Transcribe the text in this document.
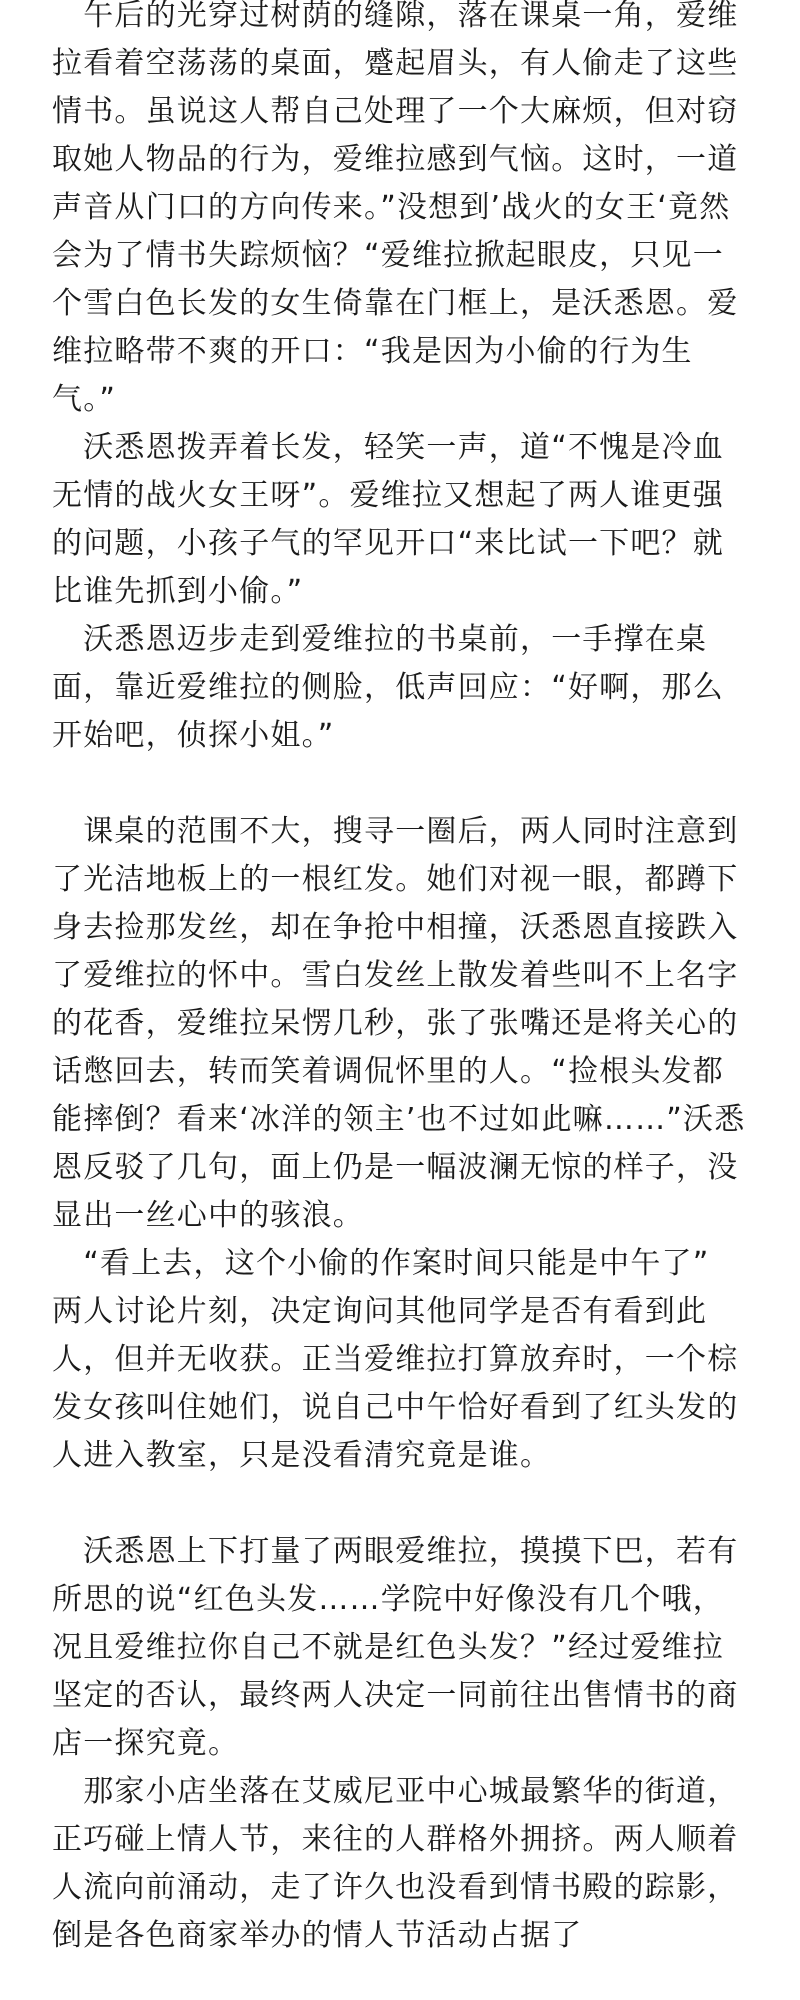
　午后的光穿过树荫的缝隙，落在课桌一角，爱维拉看着空荡荡的桌面，蹙起眉头，有人偷走了这些情书。虽说这人帮自己处理了一个大麻烦，但对窃取她人物品的行为，爱维拉感到气恼。这时，一道声音从门口的方向传来。”没想到’战火的女王‘竟然会为了情书失踪烦恼？“爱维拉掀起眼皮，只见一个雪白色长发的女生倚靠在门框上，是沃悉恩。爱维拉略带不爽的开口：“我是因为小偷的行为生气。”

　沃悉恩拨弄着长发，轻笑一声，道“不愧是冷血无情的战火女王呀”。爱维拉又想起了两人谁更强的问题，小孩子气的罕见开口“来比试一下吧？就比谁先抓到小偷。”

　沃悉恩迈步走到爱维拉的书桌前，一手撑在桌面，靠近爱维拉的侧脸，低声回应：“好啊，那么开始吧，侦探小姐。”

　课桌的范围不大，搜寻一圈后，两人同时注意到了光洁地板上的一根红发。她们对视一眼，都蹲下身去捡那发丝，却在争抢中相撞，沃悉恩直接跌入了爱维拉的怀中。雪白发丝上散发着些叫不上名字的花香，爱维拉呆愣几秒，张了张嘴还是将关心的话憋回去，转而笑着调侃怀里的人。“捡根头发都能摔倒？看来‘冰洋的领主’也不过如此嘛……”沃悉恩反驳了几句，面上仍是一幅波澜无惊的样子，没显出一丝心中的骇浪。

　“看上去，这个小偷的作案时间只能是中午了”

两人讨论片刻，决定询问其他同学是否有看到此人，但并无收获。正当爱维拉打算放弃时，一个棕发女孩叫住她们，说自己中午恰好看到了红头发的人进入教室，只是没看清究竟是谁。

　沃悉恩上下打量了两眼爱维拉，摸摸下巴，若有所思的说“红色头发……学院中好像没有几个哦，况且爱维拉你自己不就是红色头发？”经过爱维拉坚定的否认，最终两人决定一同前往出售情书的商店一探究竟。

　那家小店坐落在艾威尼亚中心城最繁华的街道，正巧碰上情人节，来往的人群格外拥挤。两人顺着人流向前涌动，走了许久也没看到情书殿的踪影，倒是各色商家举办的情人节活动占据了
